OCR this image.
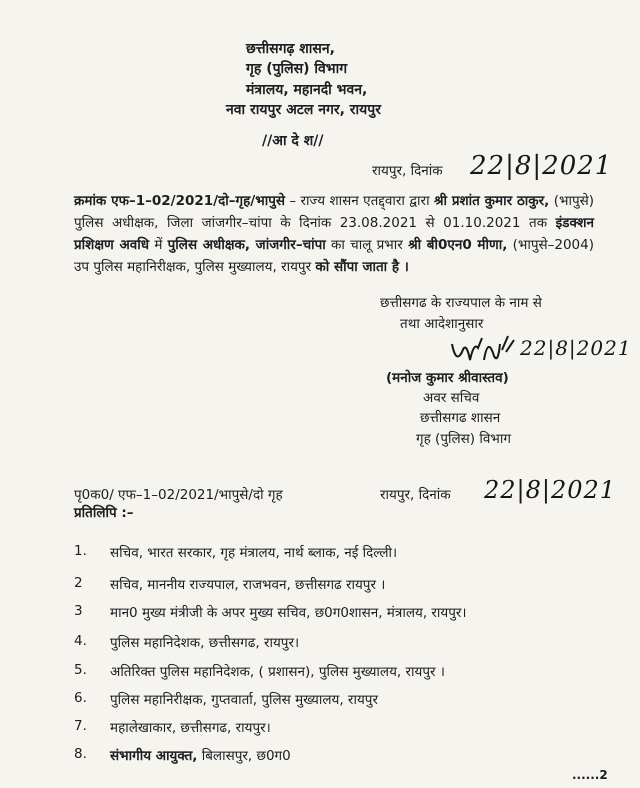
छत्तीसगढ़ शासन,
गृह (पुलिस) विभाग
मंत्रालय, महानदी भवन,
नवा रायपुर अटल नगर, रायपुर
//आ दे श//
रायपुर, दिनांक 22|8|2021
क्रमांक एफ–1–02/2021/दो–गृह/भापुसे – राज्य शासन एतद्द्वारा द्वारा श्री प्रशांत कुमार ठाकुर, (भापुसे) पुलिस अधीक्षक, जिला जांजगीर–चांपा के दिनांक 23.08.2021 से 01.10.2021 तक इंडक्शन प्रशिक्षण अवधि में पुलिस अधीक्षक, जांजगीर–चांपा का चालू प्रभार श्री बी0एन0 मीणा, (भापुसे–2004) उप पुलिस महानिरीक्षक, पुलिस मुख्यालय, रायपुर को सौंपा जाता है ।
छत्तीसगढ के राज्यपाल के नाम से
तथा आदेशानुसार
22|8|2021
(मनोज कुमार श्रीवास्तव)
अवर सचिव
छत्तीसगढ शासन
गृह (पुलिस) विभाग
पृ0क0/ एफ–1–02/2021/भापुसे/दो गृह	रायपुर, दिनांक 22|8|2021
प्रतिलिपि :–
1. सचिव, भारत सरकार, गृह मंत्रालय, नार्थ ब्लाक, नई दिल्ली।
2 सचिव, माननीय राज्यपाल, राजभवन, छत्तीसगढ रायपुर ।
3 मान0 मुख्य मंत्रीजी के अपर मुख्य सचिव, छ0ग0शासन, मंत्रालय, रायपुर।
4. पुलिस महानिदेशक, छत्तीसगढ, रायपुर।
5. अतिरिक्त पुलिस महानिदेशक, ( प्रशासन), पुलिस मुख्यालय, रायपुर ।
6. पुलिस महानिरीक्षक, गुप्तवार्ता, पुलिस मुख्यालय, रायपुर
7. महालेखाकार, छत्तीसगढ, रायपुर।
8. संभागीय आयुक्त, बिलासपुर, छ0ग0
......2
